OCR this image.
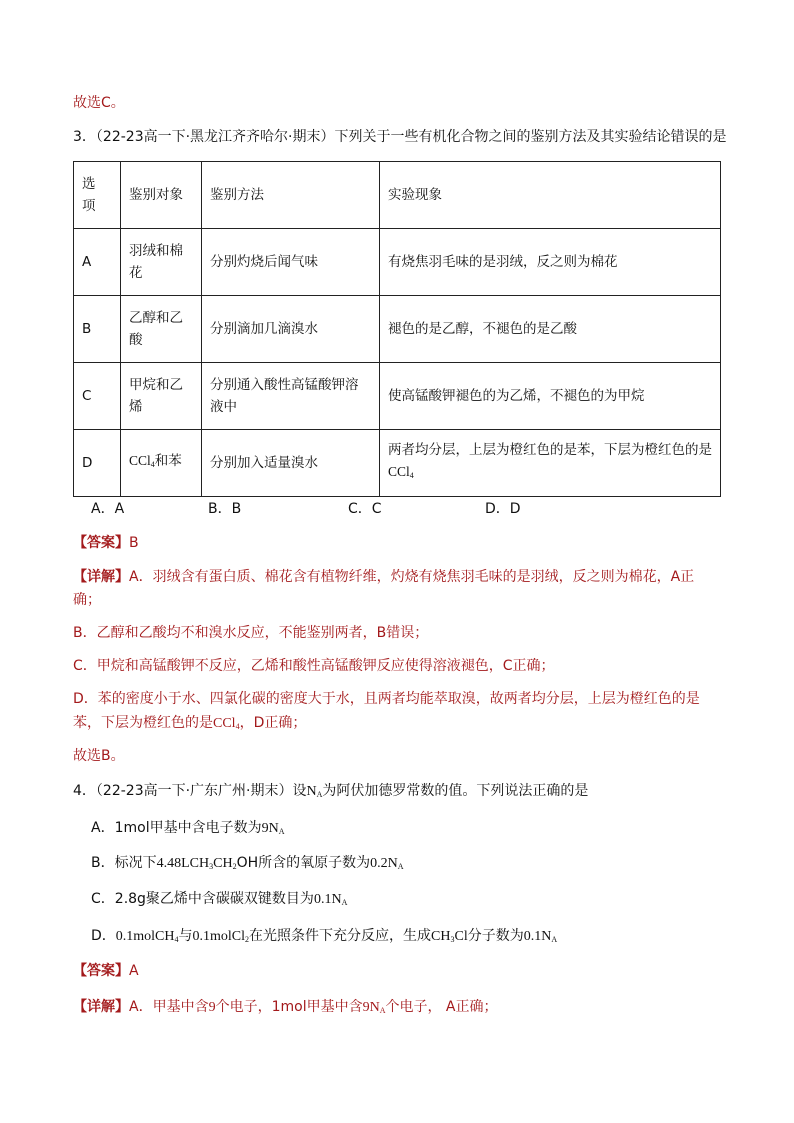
故选C。
3．（22-23高一下·黑龙江齐齐哈尔·期末）下列关于一些有机化合物之间的鉴别方法及其实验结论错误的是
选项	鉴别对象	鉴别方法	实验现象
A	羽绒和棉花	分别灼烧后闻气味	有烧焦羽毛味的是羽绒，反之则为棉花
B	乙醇和乙酸	分别滴加几滴溴水	褪色的是乙醇，不褪色的是乙酸
C	甲烷和乙烯	分别通入酸性高锰酸钾溶液中	使高锰酸钾褪色的为乙烯，不褪色的为甲烷
D	CCl$_4$和苯	分别加入适量溴水	两者均分层，上层为橙红色的是苯，下层为橙红色的是CCl$_4$
A．A	B．B	C．C	D．D
【答案】B
【详解】A．羽绒含有蛋白质、棉花含有植物纤维，灼烧有烧焦羽毛味的是羽绒，反之则为棉花，A正
确；
B．乙醇和乙酸均不和溴水反应，不能鉴别两者，B错误；
C．甲烷和高锰酸钾不反应，乙烯和酸性高锰酸钾反应使得溶液褪色，C正确；
D．苯的密度小于水、四氯化碳的密度大于水，且两者均能萃取溴，故两者均分层，上层为橙红色的是
苯，下层为橙红色的是CCl$_4$，D正确；
故选B。
4．（22-23高一下·广东广州·期末）设$N_A$为阿伏加德罗常数的值。下列说法正确的是
A．1mol甲基中含电子数为$9N_A$
B．标况下$4.48LCH_3CH_2OH$所含的氧原子数为$0.2N_A$
C．2.8g聚乙烯中含碳碳双键数目为$0.1N_A$
D．0.1molCH$_4$与0.1molCl$_2$在光照条件下充分反应，生成$CH_3Cl$分子数为$0.1N_A$
【答案】A
【详解】A．甲基中含9个电子，1mol甲基中含$9N_A$个电子， A正确；
